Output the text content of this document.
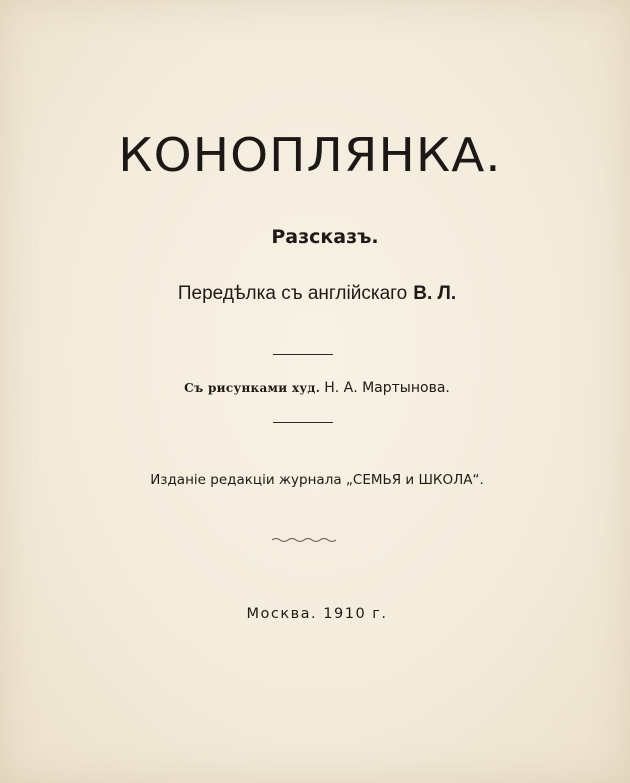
КОНОПЛЯНКА.
Разсказъ.
Передѣлка съ англійскаго В. Л.
Съ рисунками худ. Н. А. Мартынова.
Изданіе редакціи журнала „СЕМЬЯ и ШКОЛА“.
Москва. 1910 г.
